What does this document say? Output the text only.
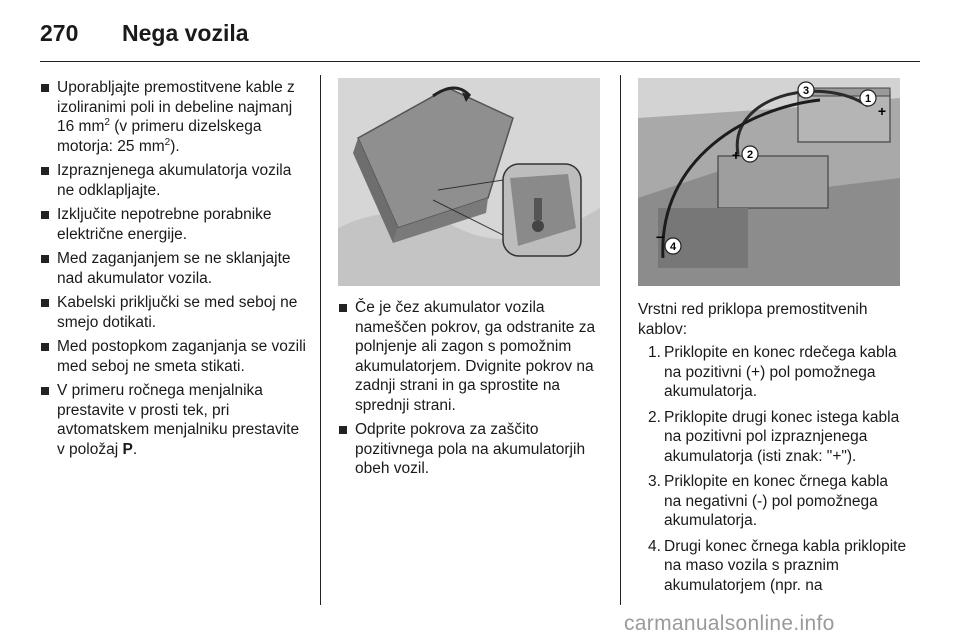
270 Nega vozila
Uporabljajte premostitvene kable z izoliranimi poli in debeline najmanj 16 $mm^2$ (v primeru dizelskega motorja: 25 $mm^2$).
Izpraznjenega akumulatorja vozila ne odklapljajte.
Izključite nepotrebne porabnike električne energije.
Med zaganjanjem se ne sklanjajte nad akumulator vozila.
Kabelski priključki se med seboj ne smejo dotikati.
Med postopkom zaganjanja se vozili med seboj ne smeta stikati.
V primeru ročnega menjalnika prestavite v prosti tek, pri avtomatskem menjalniku prestavite v položaj P.
Če je čez akumulator vozila nameščen pokrov, ga odstranite za polnjenje ali zagon s pomožnim akumulatorjem. Dvignite pokrov na zadnji strani in ga sprostite na sprednji strani.
Odprite pokrova za zaščito pozitivnega pola na akumulatorjih obeh vozil.
1
2
3
4
+
+
−

Vrstni red priklopa premostitvenih kablov:

1. Priklopite en konec rdečega kabla na pozitivni (+) pol pomožnega akumulatorja.
2. Priklopite drugi konec istega kabla na pozitivni pol izpraznjenega akumulatorja (isti znak: "+").
3. Priklopite en konec črnega kabla na negativni (-) pol pomožnega akumulatorja.
4. Drugi konec črnega kabla priklopite na maso vozila s praznim akumulatorjem (npr. na
carmanualsonline.info
